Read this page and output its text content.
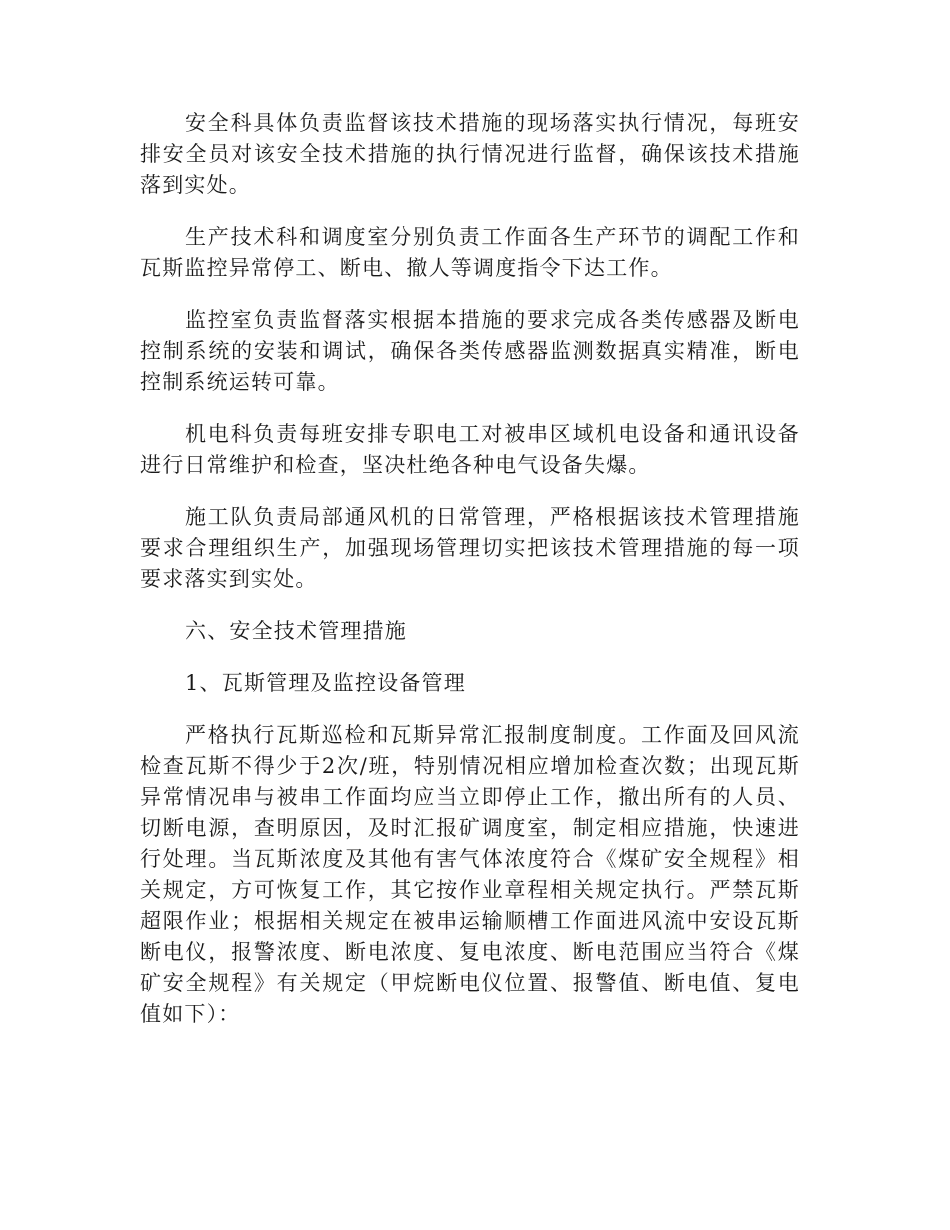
安全科具体负责监督该技术措施的现场落实执行情况，每班安排安全员对该安全技术措施的执行情况进行监督，确保该技术措施落到实处。

生产技术科和调度室分别负责工作面各生产环节的调配工作和瓦斯监控异常停工、断电、撤人等调度指令下达工作。

监控室负责监督落实根据本措施的要求完成各类传感器及断电控制系统的安装和调试，确保各类传感器监测数据真实精准，断电控制系统运转可靠。

机电科负责每班安排专职电工对被串区域机电设备和通讯设备进行日常维护和检查，坚决杜绝各种电气设备失爆。

施工队负责局部通风机的日常管理，严格根据该技术管理措施要求合理组织生产，加强现场管理切实把该技术管理措施的每一项要求落实到实处。

六、安全技术管理措施

1、瓦斯管理及监控设备管理

严格执行瓦斯巡检和瓦斯异常汇报制度制度。工作面及回风流检查瓦斯不得少于2次/班，特别情况相应增加检查次数；出现瓦斯异常情况串与被串工作面均应当立即停止工作，撤出所有的人员、切断电源，查明原因，及时汇报矿调度室，制定相应措施，快速进行处理。当瓦斯浓度及其他有害气体浓度符合《煤矿安全规程》相关规定，方可恢复工作，其它按作业章程相关规定执行。严禁瓦斯超限作业；根据相关规定在被串运输顺槽工作面进风流中安设瓦斯断电仪，报警浓度、断电浓度、复电浓度、断电范围应当符合《煤矿安全规程》有关规定（甲烷断电仪位置、报警值、断电值、复电值如下）：
